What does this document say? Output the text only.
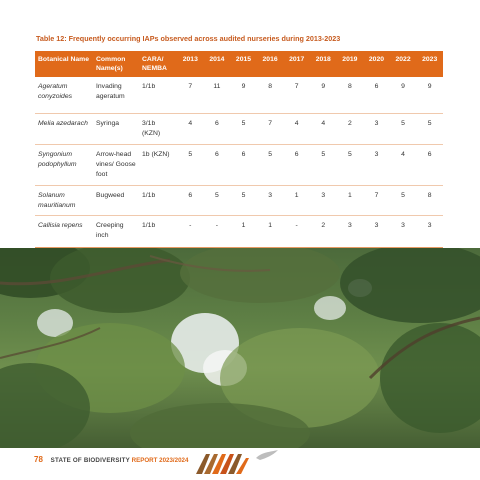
Table 12: Frequently occurring IAPs observed across audited nurseries during 2013-2023
Botanical Name	Common Name(s)	CARA/ NEMBA	2013	2014	2015	2016	2017	2018	2019	2020	2022	2023
Ageratum conyzoides	Invading ageratum	1/1b	7	11	9	8	7	9	8	6	9	9
Melia azedarach	Syringa	3/1b (KZN)	4	6	5	7	4	4	2	3	5	5
Syngonium podophyllum	Arrow-head vines/ Goose foot	1b (KZN)	5	6	6	5	6	5	5	3	4	6
Solanum mauritianum	Bugweed	1/1b	6	5	5	3	1	3	1	7	5	8
Callisia repens	Creeping inch	1/1b	-	-	1	1	-	2	3	3	3	3
78 STATE OF BIODIVERSITY REPORT 2023/2024
